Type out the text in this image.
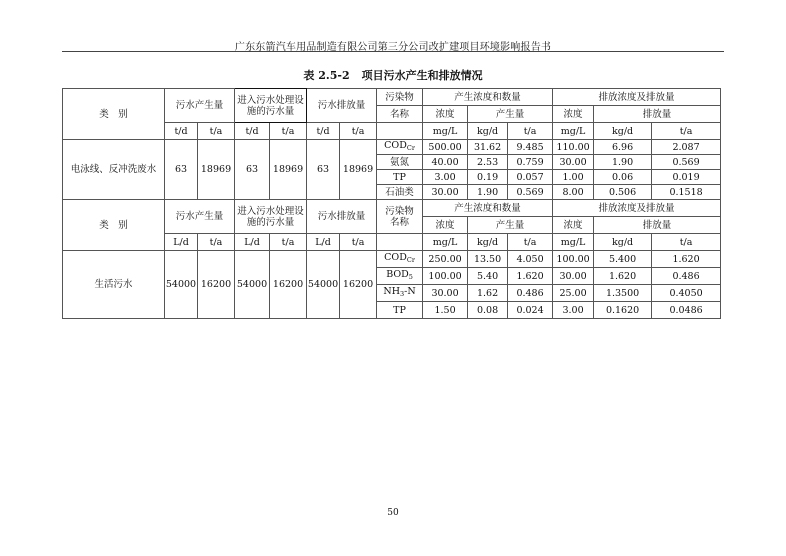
广东东箭汽车用品制造有限公司第三分公司改扩建项目环境影响报告书
表 2.5-2 项目污水产生和排放情况
类　别	污水产生量		进入污水处理设施的污水量		污水排放量		污染物	产生浓度和数量			排放浓度及排放量		
							名称	浓度	产生量		浓度	排放量	
	t/d	t/a	t/d	t/a	t/d	t/a		mg/L	kg/d	t/a	mg/L	kg/d	t/a
电泳线、反冲洗废水	63	18969	63	18969	63	18969	$COD_{Cr}$	500.00	31.62	9.485	110.00	6.96	2.087
							氨氮	40.00	2.53	0.759	30.00	1.90	0.569
							TP	3.00	0.19	0.057	1.00	0.06	0.019
							石油类	30.00	1.90	0.569	8.00	0.506	0.1518
类　别	污水产生量		进入污水处理设施的污水量		污水排放量		污染物名称	产生浓度和数量			排放浓度及排放量		
								浓度	产生量		浓度	排放量	
	L/d	t/a	L/d	t/a	L/d	t/a		mg/L	kg/d	t/a	mg/L	kg/d	t/a
生活污水	54000	16200	54000	16200	54000	16200	$COD_{Cr}$	250.00	13.50	4.050	100.00	5.400	1.620
							$BOD_5$	100.00	5.40	1.620	30.00	1.620	0.486
							$NH_3-N$	30.00	1.62	0.486	25.00	1.3500	0.4050
							TP	1.50	0.08	0.024	3.00	0.1620	0.0486
50
